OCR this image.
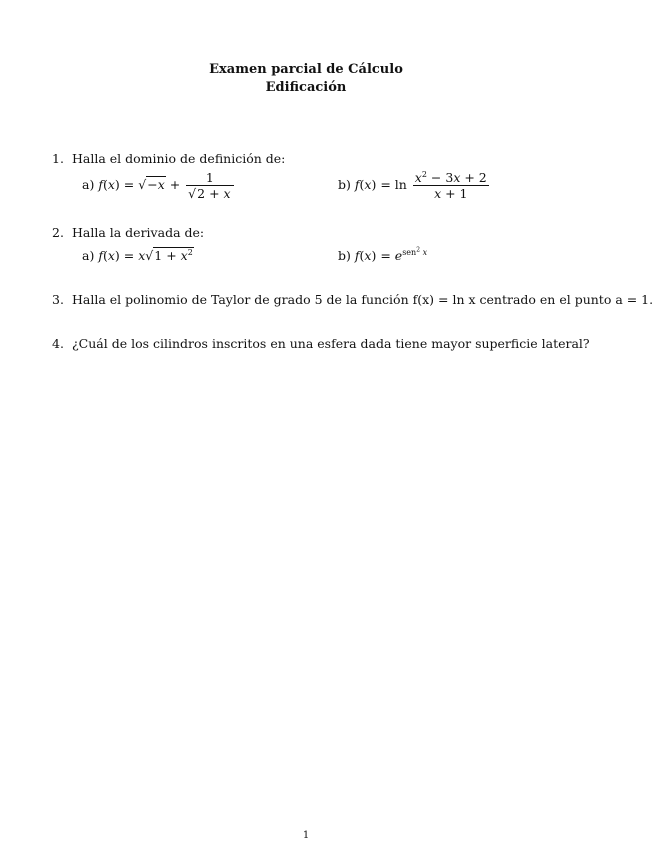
Examen parcial de Cálculo
Edificación
1. Halla el dominio de definición de:
a) $f(x) = √-x + \frac{1}{√2 + x}$	b) $f(x) = \ln \frac{x^2 - 3x + 2}{x + 1}$
2. Halla la derivada de:
a) $f(x) = x√1 + x^2$	b) $f(x) = e^{sen^2 x}$
3. Halla el polinomio de Taylor de grado 5 de la función f(x) = ln x centrado en el punto a = 1.
4. ¿Cuál de los cilindros inscritos en una esfera dada tiene mayor superficie lateral?
1
